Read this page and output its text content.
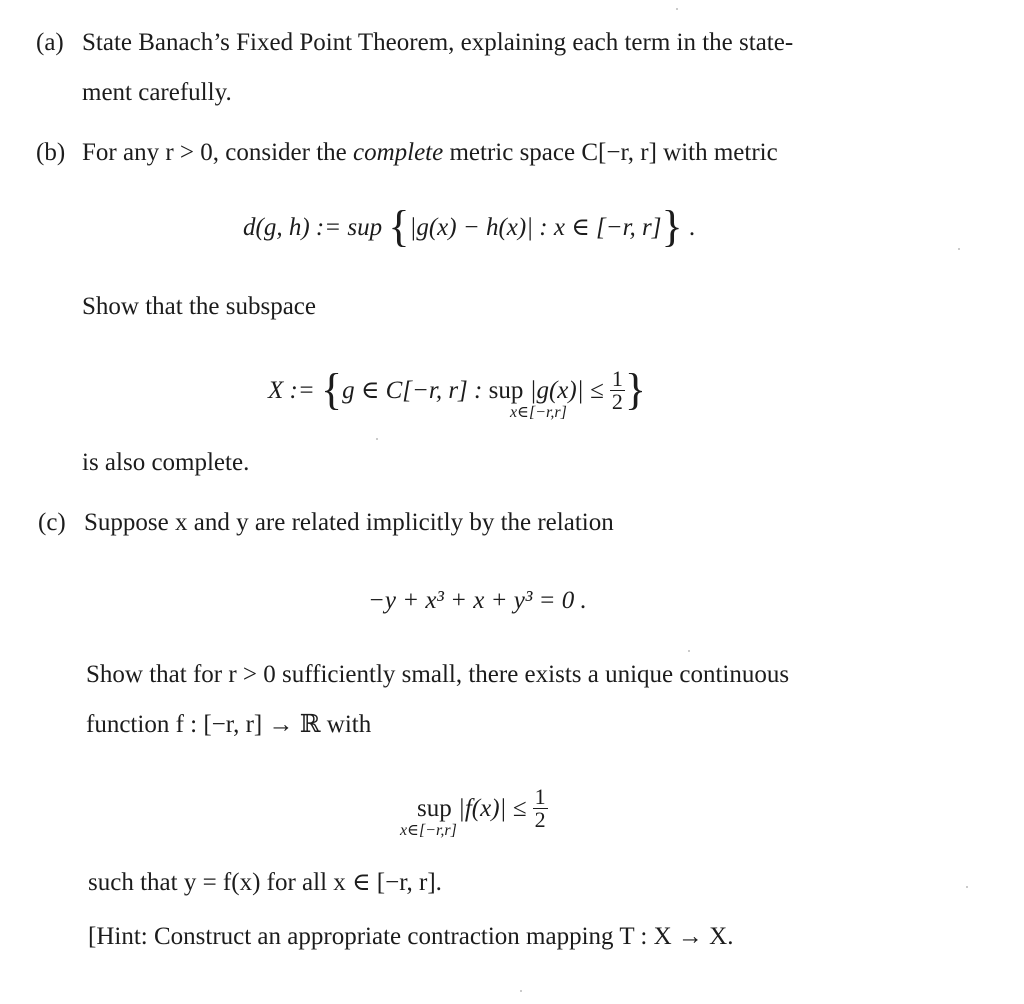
(a) State Banach’s Fixed Point Theorem, explaining each term in the state-
ment carefully.
(b) For any r > 0, consider the complete metric space C[−r, r] with metric
d(g, h) := sup {|g(x) − h(x)| : x ∈ [−r, r]} .
Show that the subspace
X := {g ∈ C[−r, r] : sup $|g(x)| \le \frac{1}{2}$ }
x∈[−r,r]
is also complete.
(c) Suppose x and y are related implicitly by the relation
−y + x³ + x + y³ = 0 .
Show that for r > 0 sufficiently small, there exists a unique continuous
function f : [−r, r] → ℝ with
sup $|f(x)| \le \frac{1}{2}$
x∈[−r,r]
such that y = f(x) for all x ∈ [−r, r].
[Hint: Construct an appropriate contraction mapping T : X → X.
